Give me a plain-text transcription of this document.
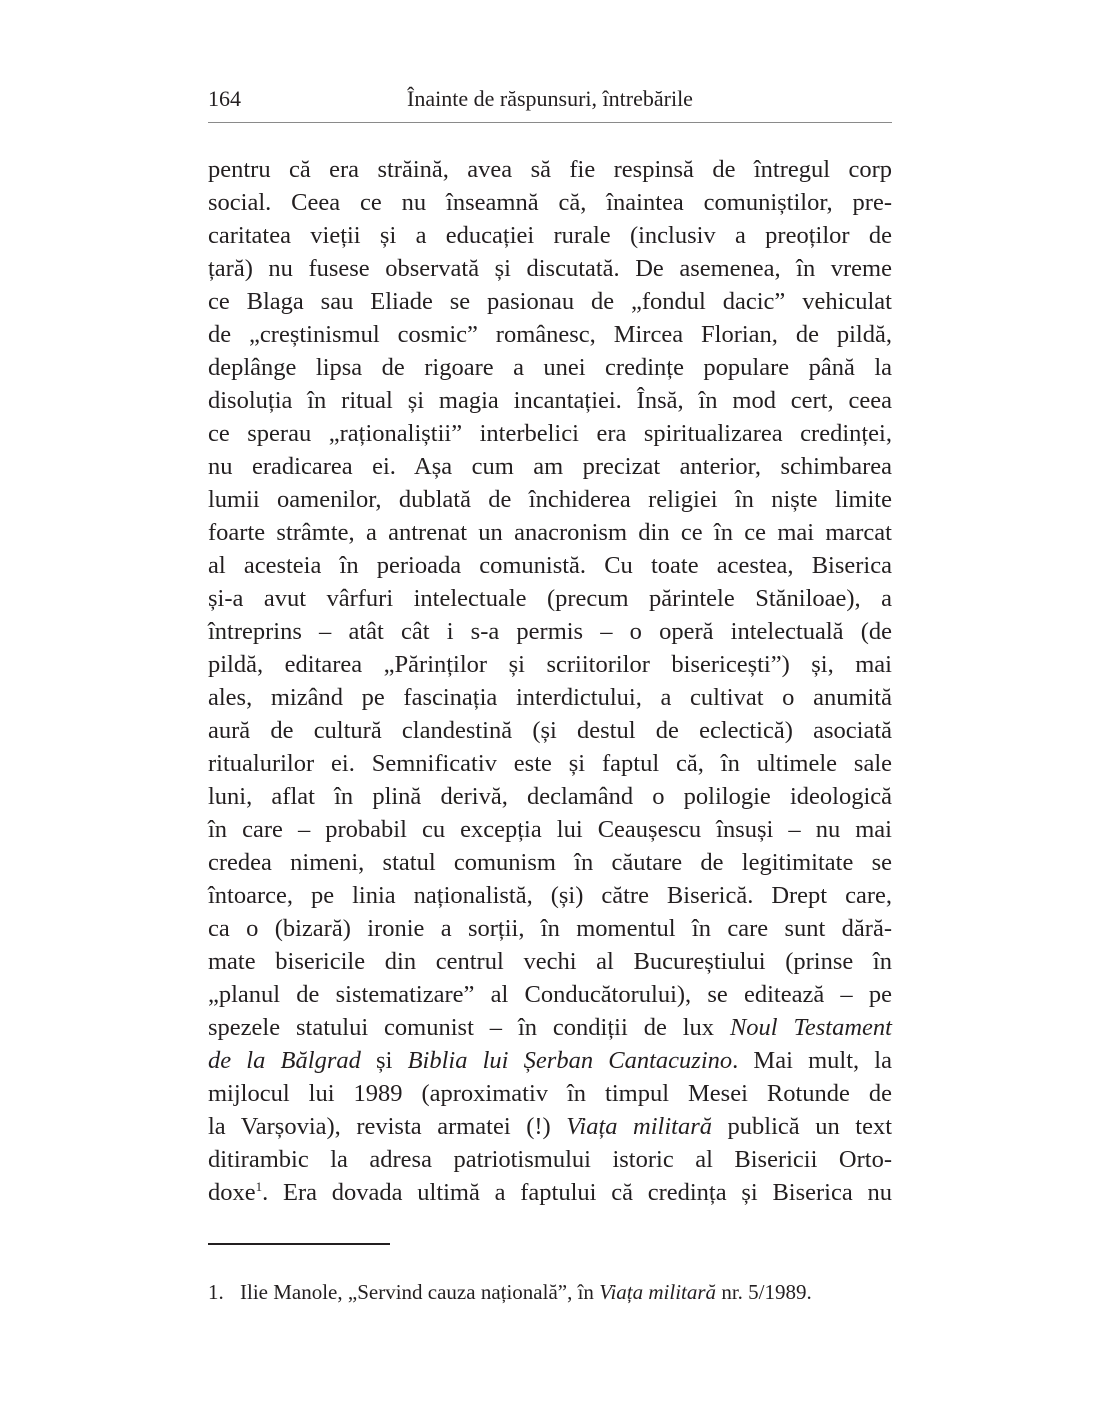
164	Înainte de răspunsuri, întrebările
pentru că era străină, avea să fie respinsă de întregul corp
social. Ceea ce nu înseamnă că, înaintea comuniștilor, pre-
caritatea vieții și a educației rurale (inclusiv a preoților de
țară) nu fusese observată și discutată. De asemenea, în vreme
ce Blaga sau Eliade se pasionau de „fondul dacic” vehiculat
de „creștinismul cosmic” românesc, Mircea Florian, de pildă,
deplânge lipsa de rigoare a unei credințe populare până la
disoluția în ritual și magia incantației. Însă, în mod cert, ceea
ce sperau „raționaliștii” interbelici era spiritualizarea credinței,
nu eradicarea ei. Așa cum am precizat anterior, schimbarea
lumii oamenilor, dublată de închiderea religiei în niște limite
foarte strâmte, a antrenat un anacronism din ce în ce mai marcat
al acesteia în perioada comunistă. Cu toate acestea, Biserica
și-a avut vârfuri intelectuale (precum părintele Stăniloae), a
întreprins – atât cât i s-a permis – o operă intelectuală (de
pildă, editarea „Părinților și scriitorilor bisericești”) și, mai
ales, mizând pe fascinația interdictului, a cultivat o anumită
aură de cultură clandestină (și destul de eclectică) asociată
ritualurilor ei. Semnificativ este și faptul că, în ultimele sale
luni, aflat în plină derivă, declamând o polilogie ideologică
în care – probabil cu excepția lui Ceaușescu însuși – nu mai
credea nimeni, statul comunism în căutare de legitimitate se
întoarce, pe linia naționalistă, (și) către Biserică. Drept care,
ca o (bizară) ironie a sorții, în momentul în care sunt dără-
mate bisericile din centrul vechi al Bucureștiului (prinse în
„planul de sistematizare” al Conducătorului), se editează – pe
spezele statului comunist – în condiții de lux Noul Testament
de la Bălgrad și Biblia lui Șerban Cantacuzino. Mai mult, la
mijlocul lui 1989 (aproximativ în timpul Mesei Rotunde de
la Varșovia), revista armatei (!) Viața militară publică un text
ditirambic la adresa patriotismului istoric al Bisericii Orto-
doxe$^1$. Era dovada ultimă a faptului că credința și Biserica nu
1. Ilie Manole, „Servind cauza națională”, în Viața militară nr. 5/1989.
